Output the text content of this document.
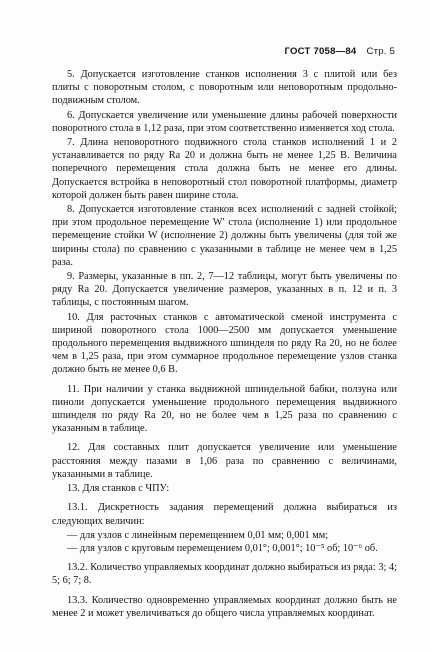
ГОСТ 7058—84 Стр. 5

5. Допускается изготовление станков исполнения 3 с плитой или без плиты с поворотным столом, с поворотным или неповоротным продольно-подвижным столом.

6. Допускается увеличение или уменьшение длины рабочей поверхности поворотного стола в 1,12 раза, при этом соответственно изменяется ход стола.

7. Длина неповоротного подвижного стола станков исполнений 1 и 2 устанавливается по ряду Ra 20 и должна быть не менее 1,25 B. Величина поперечного перемещения стола должна быть не менее его длины. Допускается встройка в неповоротный стол поворотной платформы, диаметр которой должен быть равен ширине стола.

8. Допускается изготовление станков всех исполнений с задней стойкой; при этом продольное перемещение W′ стола (исполнение 1) или продольное перемещение стойки W (исполнение 2) должны быть увеличены (для той же ширины стола) по сравнению с указанными в таблице не менее чем в 1,25 раза.

9. Размеры, указанные в пп. 2, 7—12 таблицы, могут быть увеличены по ряду Ra 20. Допускается увеличение размеров, указанных в п. 12 и п. 3 таблицы, с постоянным шагом.

10. Для расточных станков с автоматической сменой инструмента с шириной поворотного стола 1000—2500 мм допускается уменьшение продольного перемещения выдвижного шпинделя по ряду Ra 20, но не более чем в 1,25 раза, при этом суммарное продольное перемещение узлов станка должно быть не менее 0,6 B.

11. При наличии у станка выдвижной шпиндельной бабки, ползуна или пиноли допускается уменьшение продольного перемещения выдвижного шпинделя по ряду Ra 20, но не более чем в 1,25 раза по сравнению с указанным в таблице.

12. Для составных плит допускается увеличение или уменьшение расстояния между пазами в 1,06 раза по сравнению с величинами, указанными в таблице.

13. Для станков с ЧПУ:

13.1. Дискретность задания перемещений должна выбираться из следующих величин:

— для узлов с линейным перемещением 0,01 мм; 0,001 мм;

— для узлов с круговым перемещением 0,01°; 0,001°; 10⁻⁵ об; 10⁻⁶ об.

13.2. Количество управляемых координат должно выбираться из ряда: 3; 4; 5; 6; 7; 8.

13.3. Количество одновременно управляемых координат должно быть не менее 2 и может увеличиваться до общего числа управляемых координат.
